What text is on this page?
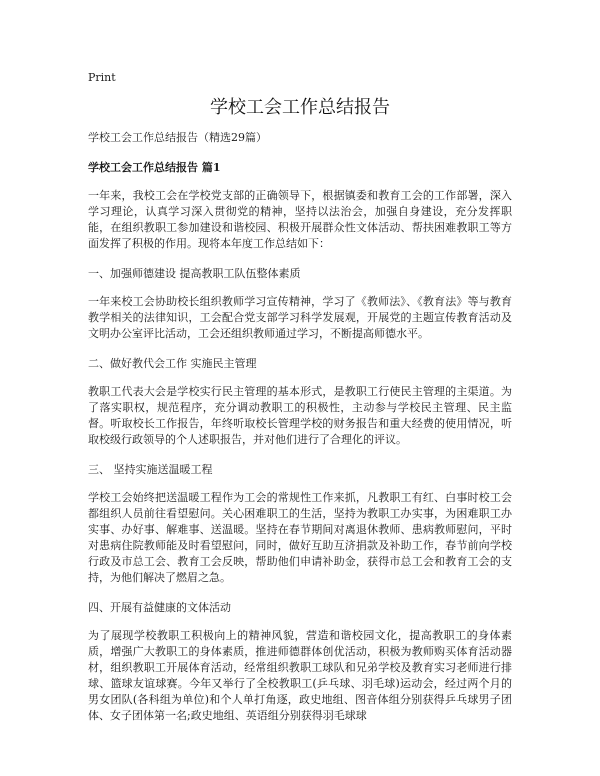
Print
学校工会工作总结报告

学校工会工作总结报告（精选29篇）

学校工会工作总结报告 篇1

一年来，我校工会在学校党支部的正确领导下，根据镇委和教育工会的工作部署，深入学习理论，认真学习深入贯彻党的精神，坚持以法治会，加强自身建设，充分发挥职能，在组织教职工参加建设和谐校园、积极开展群众性文体活动、帮扶困难教职工等方面发挥了积极的作用。现将本年度工作总结如下：

一、加强师德建设 提高教职工队伍整体素质

一年来校工会协助校长组织教师学习宣传精神，学习了《教师法》、《教育法》等与教育教学相关的法律知识，工会配合党支部学习科学发展观，开展党的主题宣传教育活动及文明办公室评比活动，工会还组织教师通过学习，不断提高师德水平。

二、做好教代会工作 实施民主管理

教职工代表大会是学校实行民主管理的基本形式，是教职工行使民主管理的主渠道。为了落实职权，规范程序，充分调动教职工的积极性，主动参与学校民主管理、民主监督。听取校长工作报告，年终听取校长管理学校的财务报告和重大经费的使用情况，听取校级行政领导的个人述职报告，并对他们进行了合理化的评议。

三、 坚持实施送温暖工程

学校工会始终把送温暖工程作为工会的常规性工作来抓，凡教职工有红、白事时校工会都组织人员前往看望慰问。关心困难职工的生活，坚持为教职工办实事，为困难职工办实事、办好事、解难事、送温暖。坚持在春节期间对离退休教师、患病教师慰问，平时对患病住院教师能及时看望慰问，同时，做好互助互济捐款及补助工作，春节前向学校行政及市总工会、教育工会反映，帮助他们申请补助金，获得市总工会和教育工会的支持，为他们解决了燃眉之急。

四、开展有益健康的文体活动

为了展现学校教职工积极向上的精神风貌，营造和谐校园文化，提高教职工的身体素质，增强广大教职工的身体素质，推进师德群体创优活动，积极为教师购买体育活动器材，组织教职工开展体育活动，经常组织教职工球队和兄弟学校及教育实习老师进行排球、篮球友谊球赛。今年又举行了全校教职工(乒乓球、羽毛球)运动会，经过两个月的男女团队(各科组为单位)和个人单打角逐，政史地组、图音体组分别获得乒乓球男子团体、女子团体第一名;政史地组、英语组分别获得羽毛球球
